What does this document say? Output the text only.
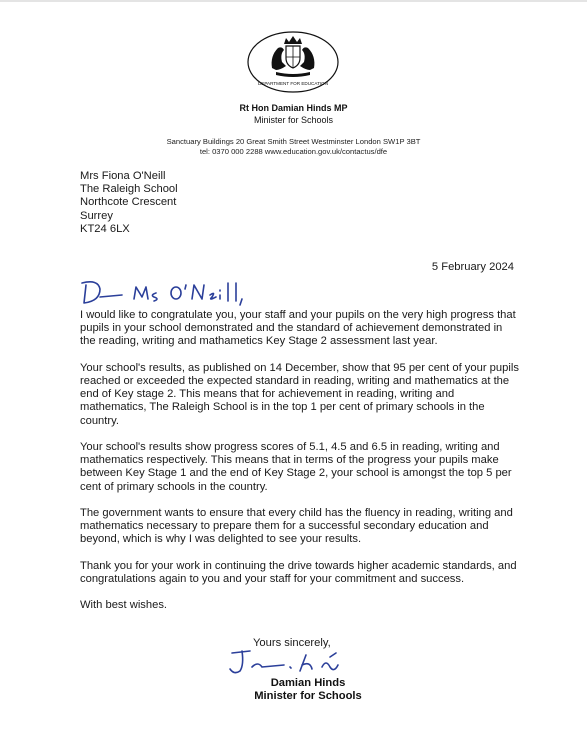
DEPARTMENT FOR EDUCATION
Rt Hon Damian Hinds MP
Minister for Schools
Sanctuary Buildings 20 Great Smith Street Westminster London SW1P 3BT
tel: 0370 000 2288 www.education.gov.uk/contactus/dfe
Mrs Fiona O'Neill
The Raleigh School
Northcote Crescent
Surrey
KT24 6LX
5 February 2024

I would like to congratulate you, your staff and your pupils on the very high progress that pupils in your school demonstrated and the standard of achievement demonstrated in the reading, writing and mathametics Key Stage 2 assessment last year.

Your school's results, as published on 14 December, show that 95 per cent of your pupils reached or exceeded the expected standard in reading, writing and mathematics at the end of Key stage 2. This means that for achievement in reading, writing and mathematics, The Raleigh School is in the top 1 per cent of primary schools in the country.

Your school's results show progress scores of 5.1, 4.5 and 6.5 in reading, writing and mathematics respectively. This means that in terms of the progress your pupils make between Key Stage 1 and the end of Key Stage 2, your school is amongst the top 5 per cent of primary schools in the country.

The government wants to ensure that every child has the fluency in reading, writing and mathematics necessary to prepare them for a successful secondary education and beyond, which is why I was delighted to see your results.

Thank you for your work in continuing the drive towards higher academic standards, and congratulations again to you and your staff for your commitment and success.

With best wishes.

Yours sincerely,
Damian Hinds
Minister for Schools
